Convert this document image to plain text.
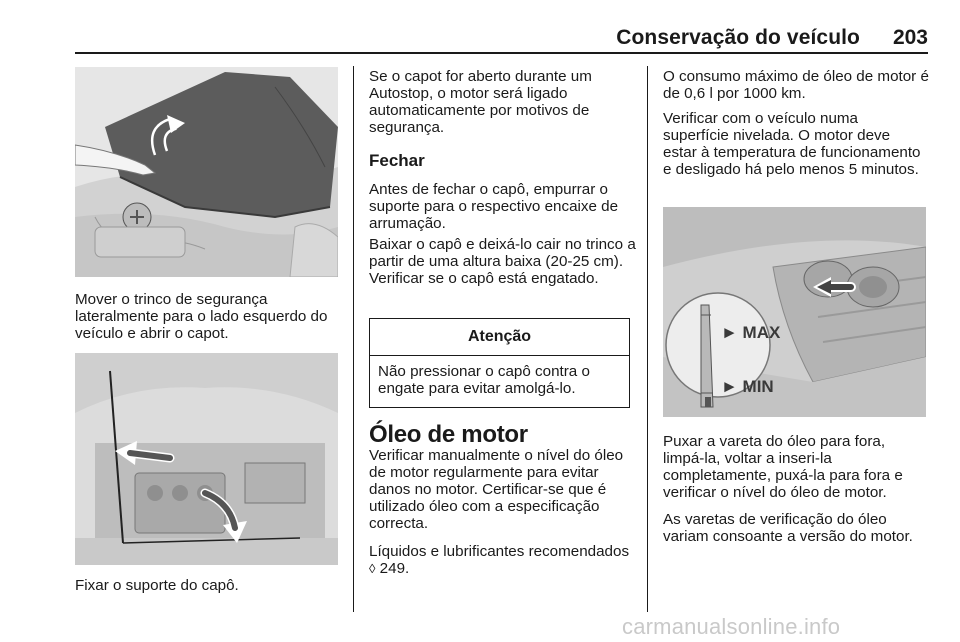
Conservação do veículo	203

Mover o trinco de segurança lateralmente para o lado esquerdo do veículo e abrir o capot.

Fixar o suporte do capô.

Se o capot for aberto durante um Autostop, o motor será ligado automaticamente por motivos de segurança.

Fechar

Antes de fechar o capô, empurrar o suporte para o respectivo encaixe de arrumação.

Baixar o capô e deixá-lo cair no trinco a partir de uma altura baixa (20-25 cm). Verificar se o capô está engatado.

Atenção
Não pressionar o capô contra o engate para evitar amolgá-lo.
Óleo de motor

Verificar manualmente o nível do óleo de motor regularmente para evitar danos no motor. Certificar-se que é utilizado óleo com a especificação correcta.

Líquidos e lubrificantes recomendados ◊ 249.

O consumo máximo de óleo de motor é de 0,6 l por 1000 km.

Verificar com o veículo numa superfície nivelada. O motor deve estar à temperatura de funcionamento e desligado há pelo menos 5 minutos.

► MAX
► MIN

Puxar a vareta do óleo para fora, limpá-la, voltar a inseri-la completamente, puxá-la para fora e verificar o nível do óleo de motor.

As varetas de verificação do óleo variam consoante a versão do motor.

carmanualsonline.info
